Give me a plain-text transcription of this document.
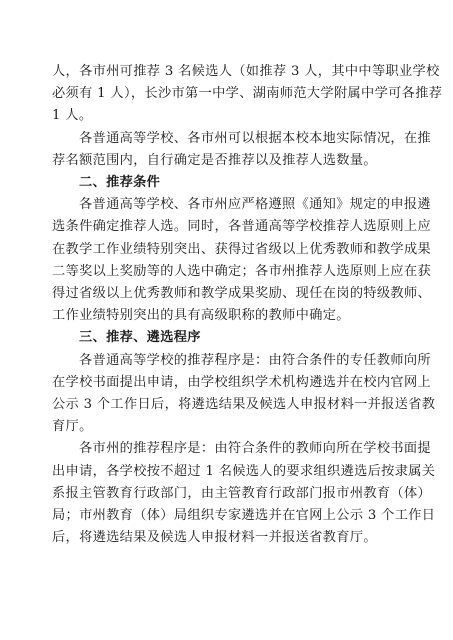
人，各市州可推荐 3 名候选人（如推荐 3 人，其中中等职业学校
必须有 1 人），长沙市第一中学、湖南师范大学附属中学可各推荐
1 人。
各普通高等学校、各市州可以根据本校本地实际情况，在推
荐名额范围内，自行确定是否推荐以及推荐人选数量。
二、推荐条件
各普通高等学校、各市州应严格遵照《通知》规定的申报遴
选条件确定推荐人选。同时，各普通高等学校推荐人选原则上应
在教学工作业绩特别突出、获得过省级以上优秀教师和教学成果
二等奖以上奖励等的人选中确定；各市州推荐人选原则上应在获
得过省级以上优秀教师和教学成果奖励、现任在岗的特级教师、
工作业绩特别突出的具有高级职称的教师中确定。
三、推荐、遴选程序
各普通高等学校的推荐程序是：由符合条件的专任教师向所
在学校书面提出申请，由学校组织学术机构遴选并在校内官网上
公示 3 个工作日后，将遴选结果及候选人申报材料一并报送省教
育厅。
各市州的推荐程序是：由符合条件的教师向所在学校书面提
出申请，各学校按不超过 1 名候选人的要求组织遴选后按隶属关
系报主管教育行政部门，由主管教育行政部门报市州教育（体）
局；市州教育（体）局组织专家遴选并在官网上公示 3 个工作日
后，将遴选结果及候选人申报材料一并报送省教育厅。
